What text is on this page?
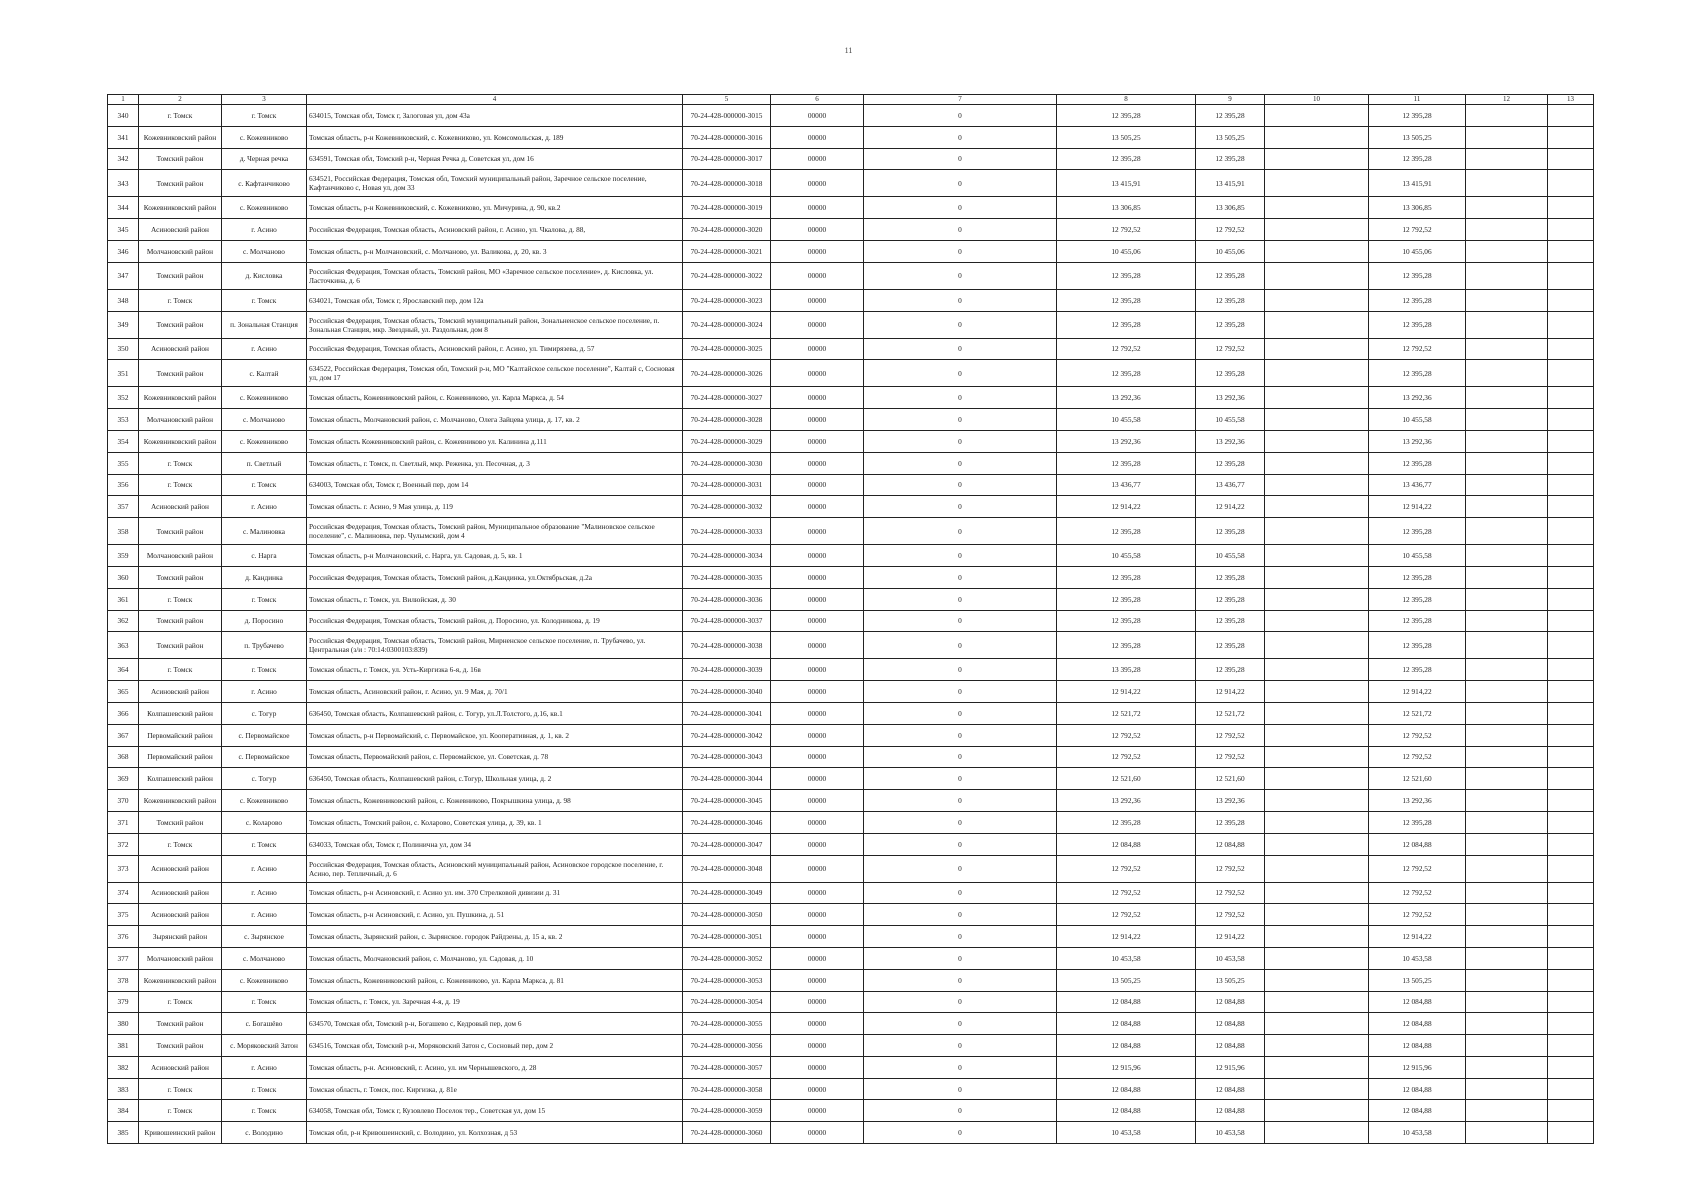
11
1	2	3	4	5	6	7	8	9	10	11	12	13
340	г. Томск	г. Томск	634015, Томская обл, Томск г, Залоговая ул, дом 43а	70-24-428-000000-3015	00000	0	12 395,28	12 395,28		12 395,28		
341	Кожевниковский район	с. Кожевниково	Томская область, р-н Кожевниковский, с. Кожевниково, ул. Комсомольская, д. 189	70-24-428-000000-3016	00000	0	13 505,25	13 505,25		13 505,25		
342	Томский район	д. Черная речка	634591, Томская обл, Томский р-н, Черная Речка д, Советская ул, дом 16	70-24-428-000000-3017	00000	0	12 395,28	12 395,28		12 395,28		
343	Томский район	с. Кафтанчиково	634521, Российская Федерация, Томская обл, Томский муниципальный район, Заречное сельское поселение, Кафтанчиково с, Новая ул, дом 33	70-24-428-000000-3018	00000	0	13 415,91	13 415,91		13 415,91		
344	Кожевниковский район	с. Кожевниково	Томская область, р-н Кожевниковский, с. Кожевниково, ул. Мичурина, д. 90, кв.2	70-24-428-000000-3019	00000	0	13 306,85	13 306,85		13 306,85		
345	Асиновский район	г. Асино	Российская Федерация, Томская область, Асиновский район, г. Асино, ул. Чкалова, д. 88,	70-24-428-000000-3020	00000	0	12 792,52	12 792,52		12 792,52		
346	Молчановский район	с. Молчаново	Томская область, р-н Молчановский, с. Молчаново, ул. Валикова, д. 20, кв. 3	70-24-428-000000-3021	00000	0	10 455,06	10 455,06		10 455,06		
347	Томский район	д. Кисловка	Российская Федерация, Томская область, Томский район, МО «Заречное сельское поселение», д. Кисловка, ул. Ласточкина, д. 6	70-24-428-000000-3022	00000	0	12 395,28	12 395,28		12 395,28		
348	г. Томск	г. Томск	634021, Томская обл, Томск г, Ярославский пер, дом 12а	70-24-428-000000-3023	00000	0	12 395,28	12 395,28		12 395,28		
349	Томский район	п. Зональная Станция	Российская Федерация, Томская область, Томский муниципальный район, Зональненское сельское поселение, п. Зональная Станция, мкр. Звездный, ул. Раздольная, дом 8	70-24-428-000000-3024	00000	0	12 395,28	12 395,28		12 395,28		
350	Асиновский район	г. Асино	Российская Федерация, Томская область, Асиновский район, г. Асино, ул. Тимирязева, д. 57	70-24-428-000000-3025	00000	0	12 792,52	12 792,52		12 792,52		
351	Томский район	с. Калтай	634522, Российская Федерация, Томская обл, Томский р-н, МО "Калтайское сельское поселение", Калтай с, Сосновая ул, дом 17	70-24-428-000000-3026	00000	0	12 395,28	12 395,28		12 395,28		
352	Кожевниковский район	с. Кожевниково	Томская область, Кожевниковский район, с. Кожевниково, ул. Карла Маркса, д. 54	70-24-428-000000-3027	00000	0	13 292,36	13 292,36		13 292,36		
353	Молчановский район	с. Молчаново	Томская область, Молчановский район, с. Молчаново, Олега Зайцева улица, д. 17, кв. 2	70-24-428-000000-3028	00000	0	10 455,58	10 455,58		10 455,58		
354	Кожевниковский район	с. Кожевниково	Томская область Кожевниковский район, с. Кожевниково ул. Калинина д.111	70-24-428-000000-3029	00000	0	13 292,36	13 292,36		13 292,36		
355	г. Томск	п. Светлый	Томская область, г. Томск, п. Светлый, мкр. Реженка, ул. Песочная, д. 3	70-24-428-000000-3030	00000	0	12 395,28	12 395,28		12 395,28		
356	г. Томск	г. Томск	634003, Томская обл, Томск г, Военный пер, дом 14	70-24-428-000000-3031	00000	0	13 436,77	13 436,77		13 436,77		
357	Асиновский район	г. Асино	Томская область. г. Асино, 9 Мая улица, д. 119	70-24-428-000000-3032	00000	0	12 914,22	12 914,22		12 914,22		
358	Томский район	с. Малиновка	Российская Федерация, Томская область, Томский район, Муниципальное образование "Малиновское сельское поселение", с. Малиновка, пер. Чулымский, дом 4	70-24-428-000000-3033	00000	0	12 395,28	12 395,28		12 395,28		
359	Молчановский район	с. Нарга	Томская область, р-н Молчановский, с. Нарга, ул. Садовая, д. 5, кв. 1	70-24-428-000000-3034	00000	0	10 455,58	10 455,58		10 455,58		
360	Томский район	д. Кандинка	Российская Федерация, Томская область, Томский район, д.Кандинка, ул.Октябрьская, д.2а	70-24-428-000000-3035	00000	0	12 395,28	12 395,28		12 395,28		
361	г. Томск	г. Томск	Томская область, г. Томск, ул. Вилюйская, д. 30	70-24-428-000000-3036	00000	0	12 395,28	12 395,28		12 395,28		
362	Томский район	д. Поросино	Российская Федерация, Томская область, Томский район, д. Поросино, ул. Колодникова, д. 19	70-24-428-000000-3037	00000	0	12 395,28	12 395,28		12 395,28		
363	Томский район	п. Трубачево	Российская Федерация, Томская область, Томский район, Мирненское сельское поселение, п. Трубачево, ул. Центральная (з/и : 70:14:0300103:839)	70-24-428-000000-3038	00000	0	12 395,28	12 395,28		12 395,28		
364	г. Томск	г. Томск	Томская область, г. Томск, ул. Усть-Киргизка 6-я, д. 16в	70-24-428-000000-3039	00000	0	13 395,28	12 395,28		12 395,28		
365	Асиновский район	г. Асино	Томская область, Асиновский район, г. Асино, ул. 9 Мая, д. 70/1	70-24-428-000000-3040	00000	0	12 914,22	12 914,22		12 914,22		
366	Колпашевский район	с. Тогур	636450, Томская область, Колпашевский район, с. Тогур, ул.Л.Толстого, д.16, кв.1	70-24-428-000000-3041	00000	0	12 521,72	12 521,72		12 521,72		
367	Первомайский район	с. Первомайское	Томская область, р-н Первомайский, с. Первомайское, ул. Кооперативная, д. 1, кв. 2	70-24-428-000000-3042	00000	0	12 792,52	12 792,52		12 792,52		
368	Первомайский район	с. Первомайское	Томская область, Первомайский район, с. Первомайское, ул. Советская, д. 78	70-24-428-000000-3043	00000	0	12 792,52	12 792,52		12 792,52		
369	Колпашевский район	с. Тогур	636450, Томская область, Колпашевский район, с.Тогур, Школьная улица, д. 2	70-24-428-000000-3044	00000	0	12 521,60	12 521,60		12 521,60		
370	Кожевниковский район	с. Кожевниково	Томская область, Кожевниковский район, с. Кожевниково, Покрышкина улица, д. 98	70-24-428-000000-3045	00000	0	13 292,36	13 292,36		13 292,36		
371	Томский район	с. Коларово	Томская область, Томский район, с. Коларово, Советская улица, д. 39, кв. 1	70-24-428-000000-3046	00000	0	12 395,28	12 395,28		12 395,28		
372	г. Томск	г. Томск	634033, Томская обл, Томск г, Полинична ул, дом 34	70-24-428-000000-3047	00000	0	12 084,88	12 084,88		12 084,88		
373	Асиновский район	г. Асино	Российская Федерация, Томская область, Асиновский муниципальный район, Асиновское городское поселение, г. Асино, пер. Тепличный, д. 6	70-24-428-000000-3048	00000	0	12 792,52	12 792,52		12 792,52		
374	Асиновский район	г. Асино	Томская область, р-н Асиновский, г. Асино ул. им. 370 Стрелковой дивизии д. 31	70-24-428-000000-3049	00000	0	12 792,52	12 792,52		12 792,52		
375	Асиновский район	г. Асино	Томская область, р-н Асиновский, г. Асино, ул. Пушкина, д. 51	70-24-428-000000-3050	00000	0	12 792,52	12 792,52		12 792,52		
376	Зырянский район	с. Зырянское	Томская область, Зырянский район, с. Зырянское. городок Райдзены, д. 15 а, кв. 2	70-24-428-000000-3051	00000	0	12 914,22	12 914,22		12 914,22		
377	Молчановский район	с. Молчаново	Томская область, Молчановский район, с. Молчаново, ул. Садовая, д. 10	70-24-428-000000-3052	00000	0	10 453,58	10 453,58		10 453,58		
378	Кожевниковский район	с. Кожевниково	Томская область, Кожевниковский район, с. Кожевниково, ул. Карла Маркса, д. 81	70-24-428-000000-3053	00000	0	13 505,25	13 505,25		13 505,25		
379	г. Томск	г. Томск	Томская область, г. Томск, ул. Заречная 4-я, д. 19	70-24-428-000000-3054	00000	0	12 084,88	12 084,88		12 084,88		
380	Томский район	с. Богашёво	634570, Томская обл, Томский р-н, Богашево с, Кедровый пер, дом 6	70-24-428-000000-3055	00000	0	12 084,88	12 084,88		12 084,88		
381	Томский район	с. Моряковский Затон	634516, Томская обл, Томский р-н, Моряковский Затон с, Сосновый пер, дом 2	70-24-428-000000-3056	00000	0	12 084,88	12 084,88		12 084,88		
382	Асиновский район	г. Асино	Томская область, р-н. Асиновский, г. Асино, ул. им Чернышевского, д. 28	70-24-428-000000-3057	00000	0	12 915,96	12 915,96		12 915,96		
383	г. Томск	г. Томск	Томская область, г. Томск, пос. Киргизка, д. 81е	70-24-428-000000-3058	00000	0	12 084,88	12 084,88		12 084,88		
384	г. Томск	г. Томск	634058, Томская обл, Томск г, Кузовлево Поселок тер., Советская ул, дом 15	70-24-428-000000-3059	00000	0	12 084,88	12 084,88		12 084,88		
385	Кривошеинский район	с. Володино	Томская обл, р-н Кривошеинский, с. Володино, ул. Колхозная, д 53	70-24-428-000000-3060	00000	0	10 453,58	10 453,58		10 453,58		
